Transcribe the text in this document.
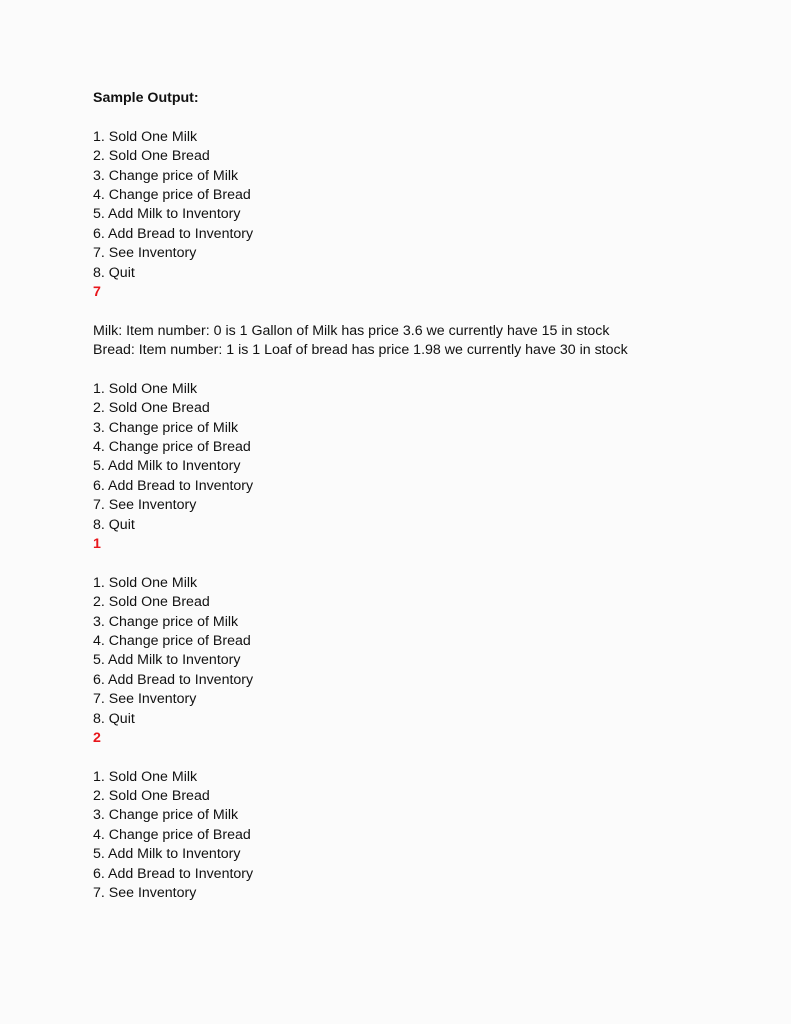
Sample Output:
1. Sold One Milk
2. Sold One Bread
3. Change price of Milk
4. Change price of Bread
5. Add Milk to Inventory
6. Add Bread to Inventory
7. See Inventory
8. Quit
7
Milk: Item number: 0 is 1 Gallon of Milk has price 3.6 we currently have 15 in stock
Bread: Item number: 1 is 1 Loaf of bread has price 1.98 we currently have 30 in stock
1. Sold One Milk
2. Sold One Bread
3. Change price of Milk
4. Change price of Bread
5. Add Milk to Inventory
6. Add Bread to Inventory
7. See Inventory
8. Quit
1
1. Sold One Milk
2. Sold One Bread
3. Change price of Milk
4. Change price of Bread
5. Add Milk to Inventory
6. Add Bread to Inventory
7. See Inventory
8. Quit
2
1. Sold One Milk
2. Sold One Bread
3. Change price of Milk
4. Change price of Bread
5. Add Milk to Inventory
6. Add Bread to Inventory
7. See Inventory
